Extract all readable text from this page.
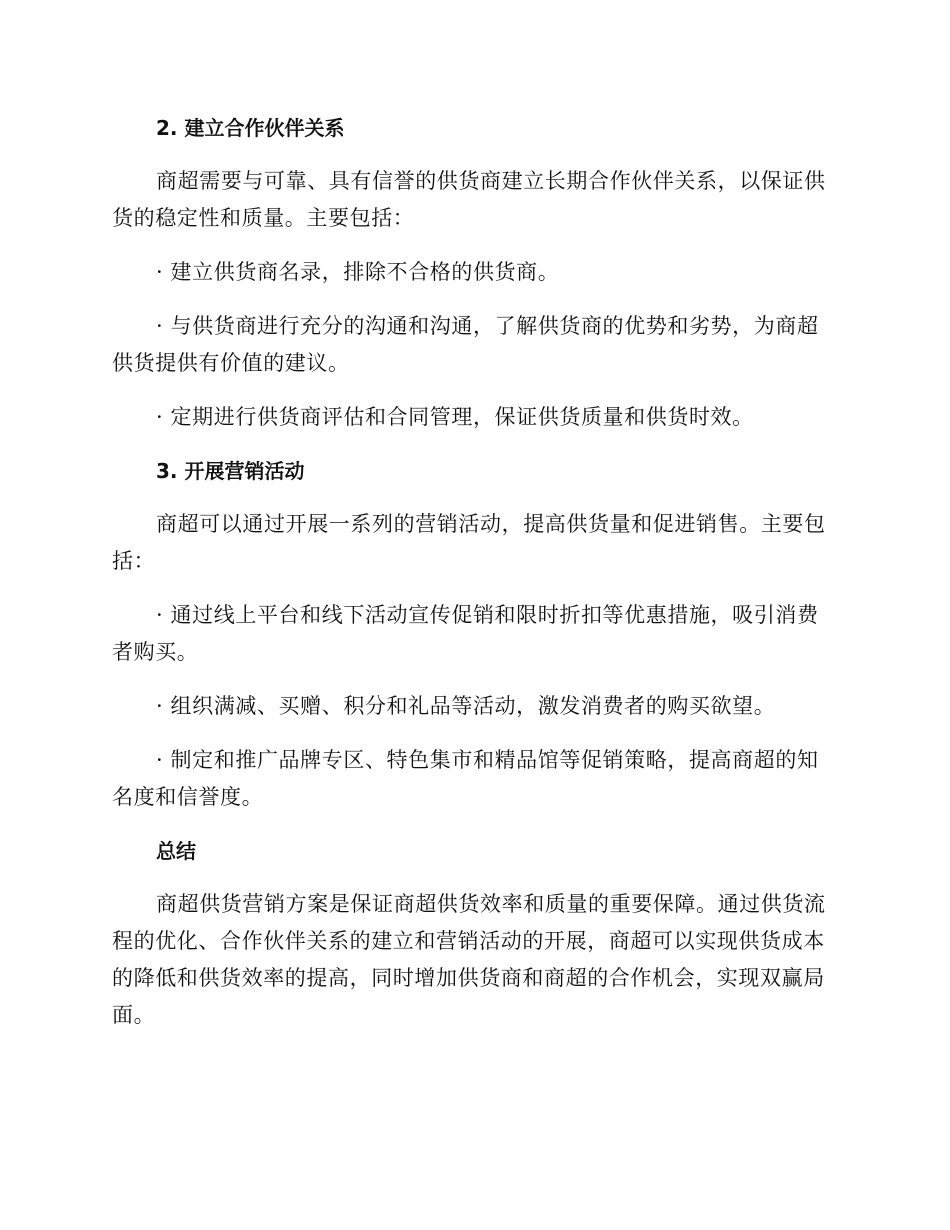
2. 建立合作伙伴关系

商超需要与可靠、具有信誉的供货商建立长期合作伙伴关系，以保证供货的稳定性和质量。主要包括：

· 建立供货商名录，排除不合格的供货商。

· 与供货商进行充分的沟通和沟通，了解供货商的优势和劣势，为商超供货提供有价值的建议。

· 定期进行供货商评估和合同管理，保证供货质量和供货时效。

3. 开展营销活动

商超可以通过开展一系列的营销活动，提高供货量和促进销售。主要包括：

· 通过线上平台和线下活动宣传促销和限时折扣等优惠措施，吸引消费者购买。

· 组织满减、买赠、积分和礼品等活动，激发消费者的购买欲望。

· 制定和推广品牌专区、特色集市和精品馆等促销策略，提高商超的知名度和信誉度。

总结

商超供货营销方案是保证商超供货效率和质量的重要保障。通过供货流程的优化、合作伙伴关系的建立和营销活动的开展，商超可以实现供货成本的降低和供货效率的提高，同时增加供货商和商超的合作机会，实现双赢局面。
